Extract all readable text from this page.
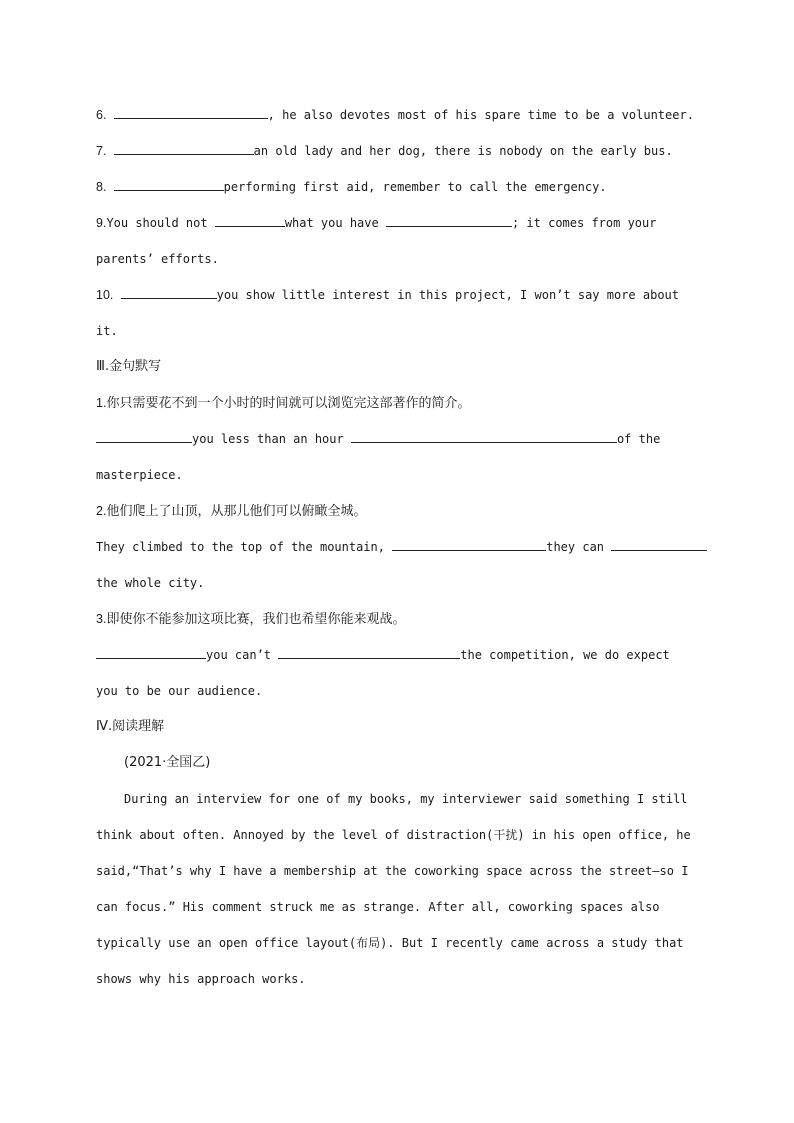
6.	, he also devotes most of his spare time to be a volunteer.
7.	an old lady and her dog, there is nobody on the early bus.
8.	performing first aid, remember to call the emergency.
9.You should not	what you have	; it comes from your
parents’ efforts.
10.	you show little interest in this project, I won’t say more about
it.
Ⅲ.金句默写
1.你只需要花不到一个小时的时间就可以浏览完这部著作的简介。
you less than an hour	of the
masterpiece.
2.他们爬上了山顶，从那儿他们可以俯瞰全城。
They climbed to the top of the mountain,	they can
the whole city.
3.即使你不能参加这项比赛，我们也希望你能来观战。
you can’t	the competition, we do expect
you to be our audience.
Ⅳ.阅读理解
(2021·全国乙)
During an interview for one of my books, my interviewer said something I still
think about often. Annoyed by the level of distraction(干扰) in his open office, he
said,“That’s why I have a membership at the coworking space across the street—so I
can focus.” His comment struck me as strange. After all, coworking spaces also
typically use an open office layout(布局). But I recently came across a study that
shows why his approach works.
